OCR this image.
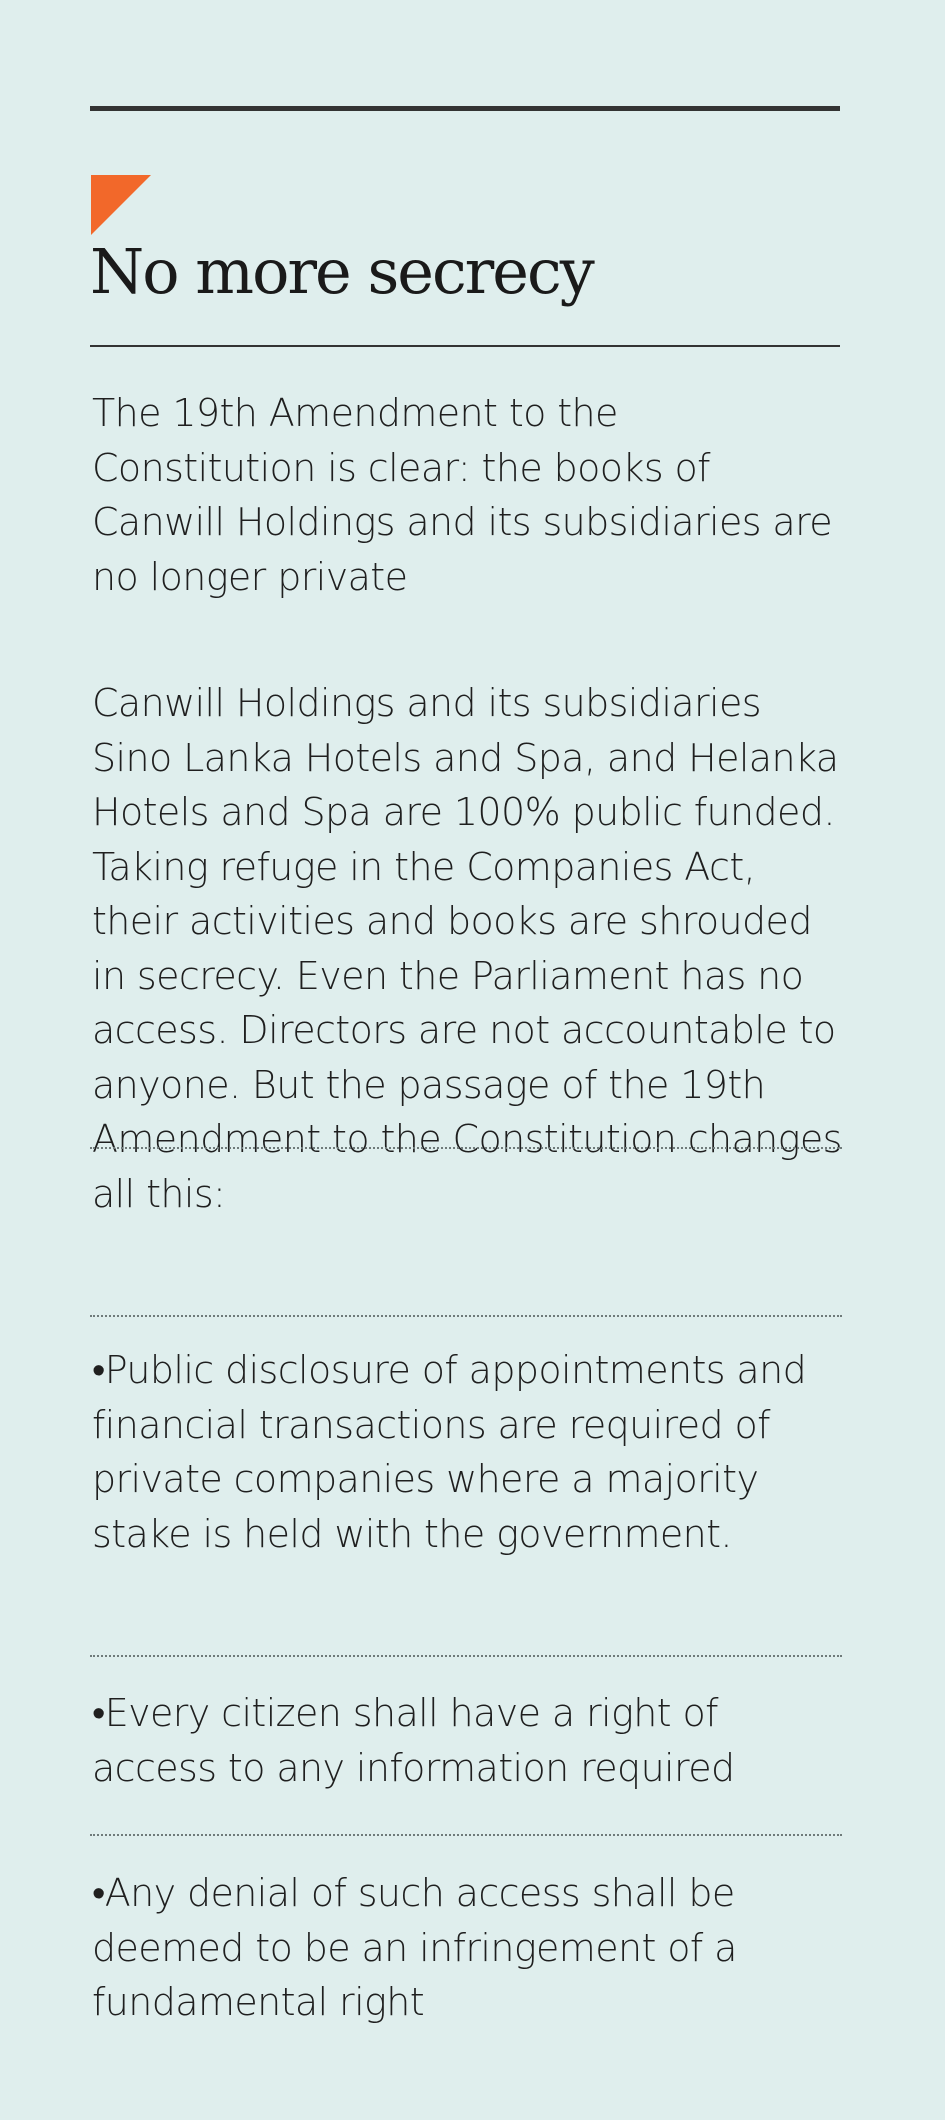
No more secrecy

The 19th Amendment to the Constitution is clear: the books of Canwill Holdings and its subsidiaries are no longer private

Canwill Holdings and its subsidiaries Sino Lanka Hotels and Spa, and Helanka Hotels and Spa are 100% public funded. Taking refuge in the Companies Act, their activities and books are shrouded in secrecy. Even the Parliament has no access. Directors are not accountable to anyone. But the passage of the 19th Amendment to the Constitution changes all this:

•Public disclosure of appointments and financial transactions are required of private companies where a majority stake is held with the government.

•Every citizen shall have a right of access to any information required

•Any denial of such access shall be deemed to be an infringement of a fundamental right
